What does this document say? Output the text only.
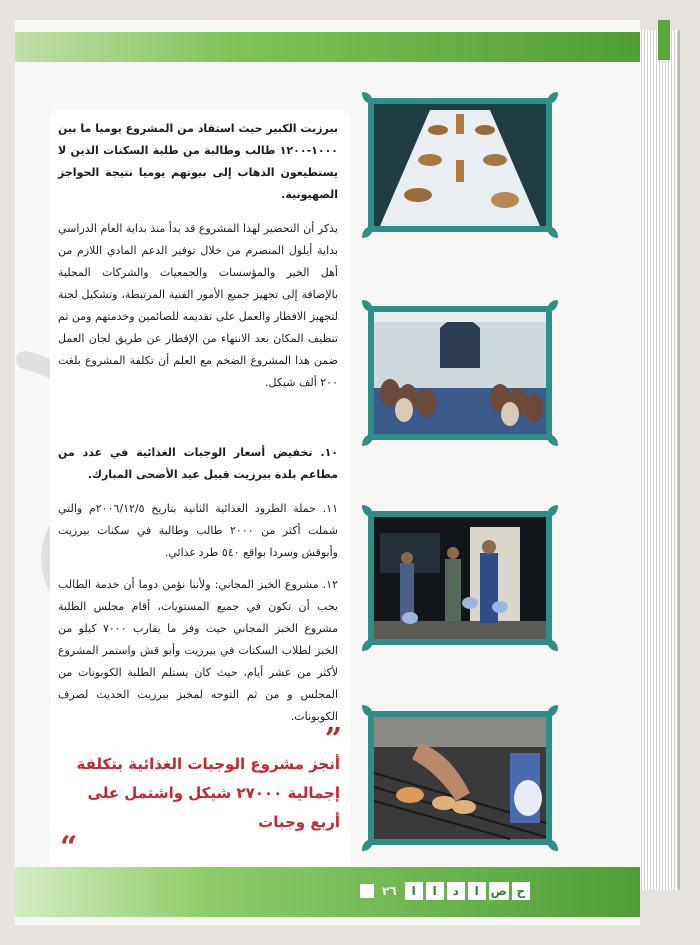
بيرزيت الكبير حيث استفاد من المشروع يوميا ما بين ١٠٠٠-١٢٠٠ طالب وطالبة من طلبة السكنات الذين لا يستطيعون الذهاب إلى بيوتهم يوميا نتيجة الحواجز الصهيونية.

يذكر أن التحضير لهذا المشروع قد بدأ منذ بداية العام الدراسي بداية أيلول المنصرم من خلال توفير الدعم المادي اللازم من أهل الخير والمؤسسات والجمعيات والشركات المحلية بالإضافة إلى تجهيز جميع الأمور الفنية المرتبطة، وتشكيل لجنة لتجهيز الافطار والعمل على تقديمه للصائمين وخدمتهم ومن ثم تنظيف المكان بعد الانتهاء من الإفطار عن طريق لجان العمل ضمن هذا المشروع الضخم مع العلم أن تكلفة المشروع بلغت ٢٠٠ ألف شيكل.

١٠. تخفيض أسعار الوجبات الغذائية في عدد من مطاعم بلدة بيرزيت قبيل عيد الأضحى المبارك.

١١. حملة الطرود الغذائية الثانية بتاريخ ٢٠٠٦/١٢/٥م والتي شملت أكثر من ٢٠٠٠ طالب وطالبة في سكنات بيرزيت وأبوقش وسردا بواقع ٥٤٠ طرد غذائي.

١٢. مشروع الخبز المجاني: ولأننا نؤمن دوما أن خدمة الطالب يجب أن تكون في جميع المستويات، أقام مجلس الطلبة مشروع الخبز المجاني حيث وفر ما يقارب ٧٠٠٠ كيلو من الخبز لطلاب السكنات في بيرزيت وأبو قش واستمر المشروع لأكثر من عشر أيام، حيث كان يستلم الطلبة الكوبونات من المجلس و من ثم التوجه لمخبز بيرزيت الحديث لصرف الكوبونات.

”

أنجز مشروع الوجبات الغذائية بتكلفة إجمالية ٢٧٠٠٠ شيكل واشتمل على أربع وجبات

“
٢٦	ا	ا	د	ا ص ح
